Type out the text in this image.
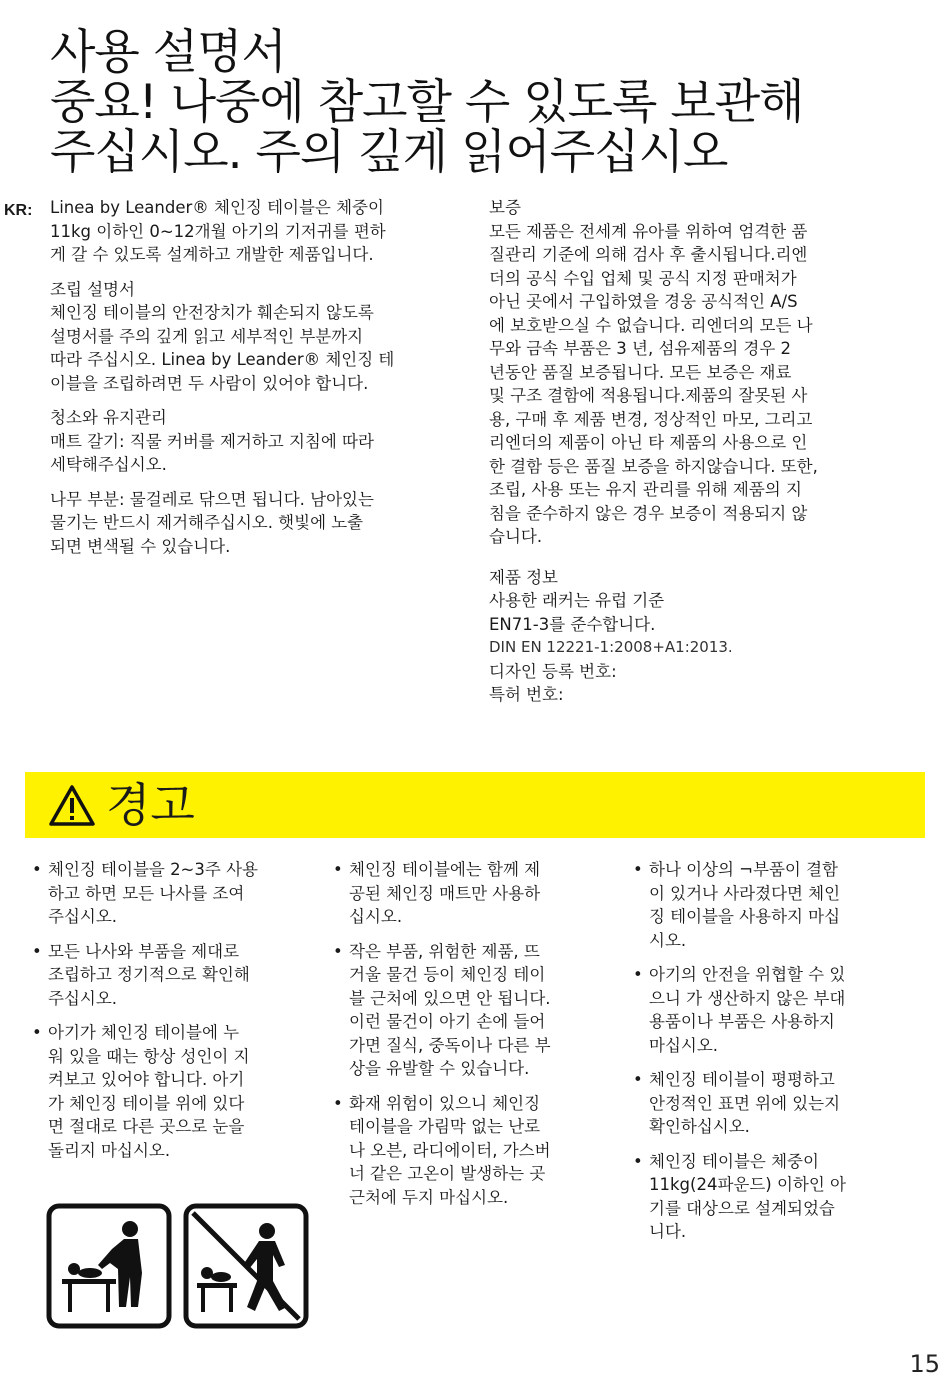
사용 설명서
중요! 나중에 참고할 수 있도록 보관해
주십시오. 주의 깊게 읽어주십시오
KR: Linea by Leander® 체인징 테이블은 체중이
11kg 이하인 0~12개월 아기의 기저귀를 편하
게 갈 수 있도록 설계하고 개발한 제품입니다.
조립 설명서
체인징 테이블의 안전장치가 훼손되지 않도록
설명서를 주의 깊게 읽고 세부적인 부분까지
따라 주십시오. Linea by Leander® 체인징 테
이블을 조립하려면 두 사람이 있어야 합니다.
청소와 유지관리
매트 갈기: 직물 커버를 제거하고 지침에 따라
세탁해주십시오.
나무 부분: 물걸레로 닦으면 됩니다. 남아있는
물기는 반드시 제거해주십시오. 햇빛에 노출
되면 변색될 수 있습니다.
보증
모든 제품은 전세계 유아를 위하여 엄격한 품
질관리 기준에 의해 검사 후 출시됩니다.리엔
더의 공식 수입 업체 및 공식 지정 판매처가
아닌 곳에서 구입하였을 경웅 공식적인 A/S
에 보호받으실 수 없습니다. 리엔더의 모든 나
무와 금속 부품은 3 년, 섬유제품의 경우 2
년동안 품질 보증됩니다. 모든 보증은 재료
및 구조 결함에 적용됩니다.제품의 잘못된 사
용, 구매 후 제품 변경, 정상적인 마모, 그리고
리엔더의 제품이 아닌 타 제품의 사용으로 인
한 결함 등은 품질 보증을 하지않습니다. 또한,
조립, 사용 또는 유지 관리를 위해 제품의 지
침을 준수하지 않은 경우 보증이 적용되지 않
습니다.
제품 정보
사용한 래커는 유럽 기준
EN71-3를 준수합니다.
DIN EN 12221-1:2008+A1:2013.
디자인 등록 번호:
특허 번호:
경고
• 체인징 테이블을 2~3주 사용
하고 하면 모든 나사를 조여
주십시오.
• 모든 나사와 부품을 제대로
조립하고 정기적으로 확인해
주십시오.
• 아기가 체인징 테이블에 누
워 있을 때는 항상 성인이 지
켜보고 있어야 합니다. 아기
가 체인징 테이블 위에 있다
면 절대로 다른 곳으로 눈을
돌리지 마십시오.
• 체인징 테이블에는 함께 제
공된 체인징 매트만 사용하
십시오.
• 작은 부품, 위험한 제품, 뜨
거울 물건 등이 체인징 테이
블 근처에 있으면 안 됩니다.
이런 물건이 아기 손에 들어
가면 질식, 중독이나 다른 부
상을 유발할 수 있습니다.
• 화재 위험이 있으니 체인징
테이블을 가림막 없는 난로
나 오븐, 라디에이터, 가스버
너 같은 고온이 발생하는 곳
근처에 두지 마십시오.
• 하나 이상의 ¬부품이 결함
이 있거나 사라졌다면 체인
징 테이블을 사용하지 마십
시오.
• 아기의 안전을 위협할 수 있
으니 가 생산하지 않은 부대
용품이나 부품은 사용하지
마십시오.
• 체인징 테이블이 평평하고
안정적인 표면 위에 있는지
확인하십시오.
• 체인징 테이블은 체중이
11kg(24파운드) 이하인 아
기를 대상으로 설계되었습
니다.
15
